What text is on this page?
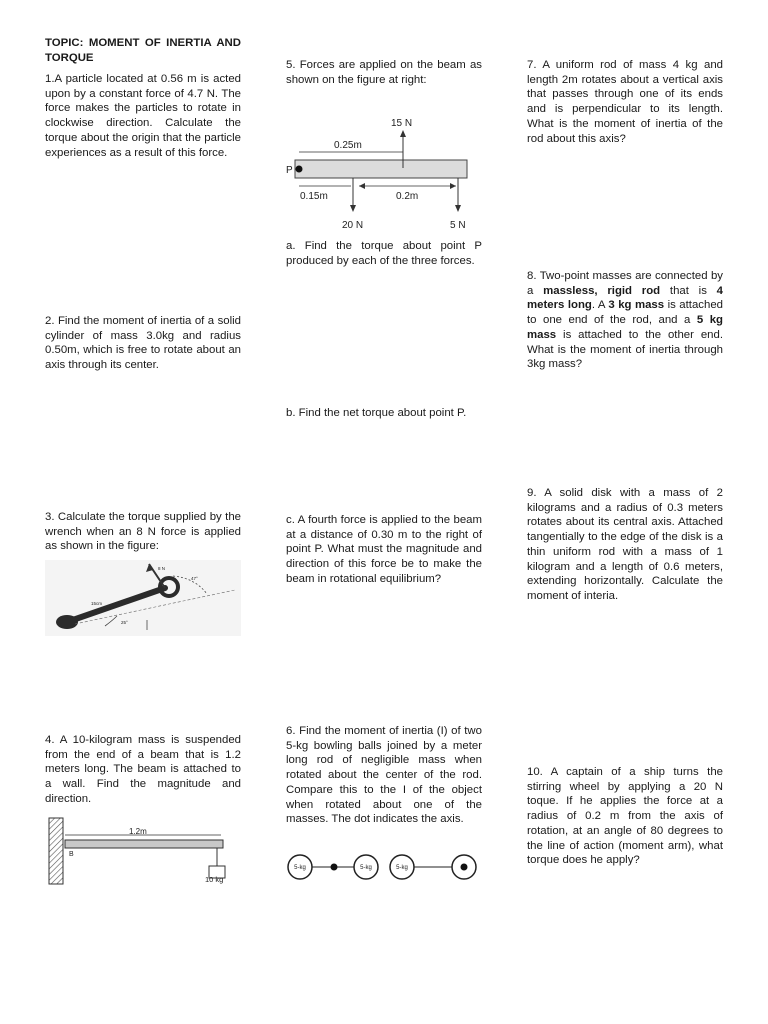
TOPIC: MOMENT OF INERTIA AND TORQUE
1.A particle located at 0.56 m is acted upon by a constant force of 4.7 N. The force makes the particles to rotate in clockwise direction. Calculate the torque about the origin that the particle experiences as a result of this force.
2. Find the moment of inertia of a solid cylinder of mass 3.0kg and radius 0.50m, which is free to rotate about an axis through its center.
3. Calculate the torque supplied by the wrench when an 8 N force is applied as shown in the figure:
8 N
47°
15cm
25°
4. A 10-kilogram mass is suspended from the end of a beam that is 1.2 meters long. The beam is attached to a wall. Find the magnitude and direction.
1.2m
B
10 kg
5. Forces are applied on the beam as shown on the figure at right:
P
15 N
0.25m
20 N	5 N
0.15m	0.2m
a. Find the torque about point P produced by each of the three forces.
b. Find the net torque about point P.
c. A fourth force is applied to the beam at a distance of 0.30 m to the right of point P. What must the magnitude and direction of this force be to make the beam in rotational equilibrium?
6. Find the moment of inertia (I) of two 5-kg bowling balls joined by a meter long rod of negligible mass when rotated about the center of the rod. Compare this to the I of the object when rotated about one of the masses. The dot indicates the axis.
5-kg	5-kg	5-kg
7. A uniform rod of mass 4 kg and length 2m rotates about a vertical axis that passes through one of its ends and is perpendicular to its length. What is the moment of inertia of the rod about this axis?
8. Two-point masses are connected by a massless, rigid rod that is 4 meters long. A 3 kg mass is attached to one end of the rod, and a 5 kg mass is attached to the other end. What is the moment of inertia through 3kg mass?
9. A solid disk with a mass of 2 kilograms and a radius of 0.3 meters rotates about its central axis. Attached tangentially to the edge of the disk is a thin uniform rod with a mass of 1 kilogram and a length of 0.6 meters, extending horizontally. Calculate the moment of interia.
10. A captain of a ship turns the stirring wheel by applying a 20 N toque. If he applies the force at a radius of 0.2 m from the axis of rotation, at an angle of 80 degrees to the line of action (moment arm), what torque does he apply?
